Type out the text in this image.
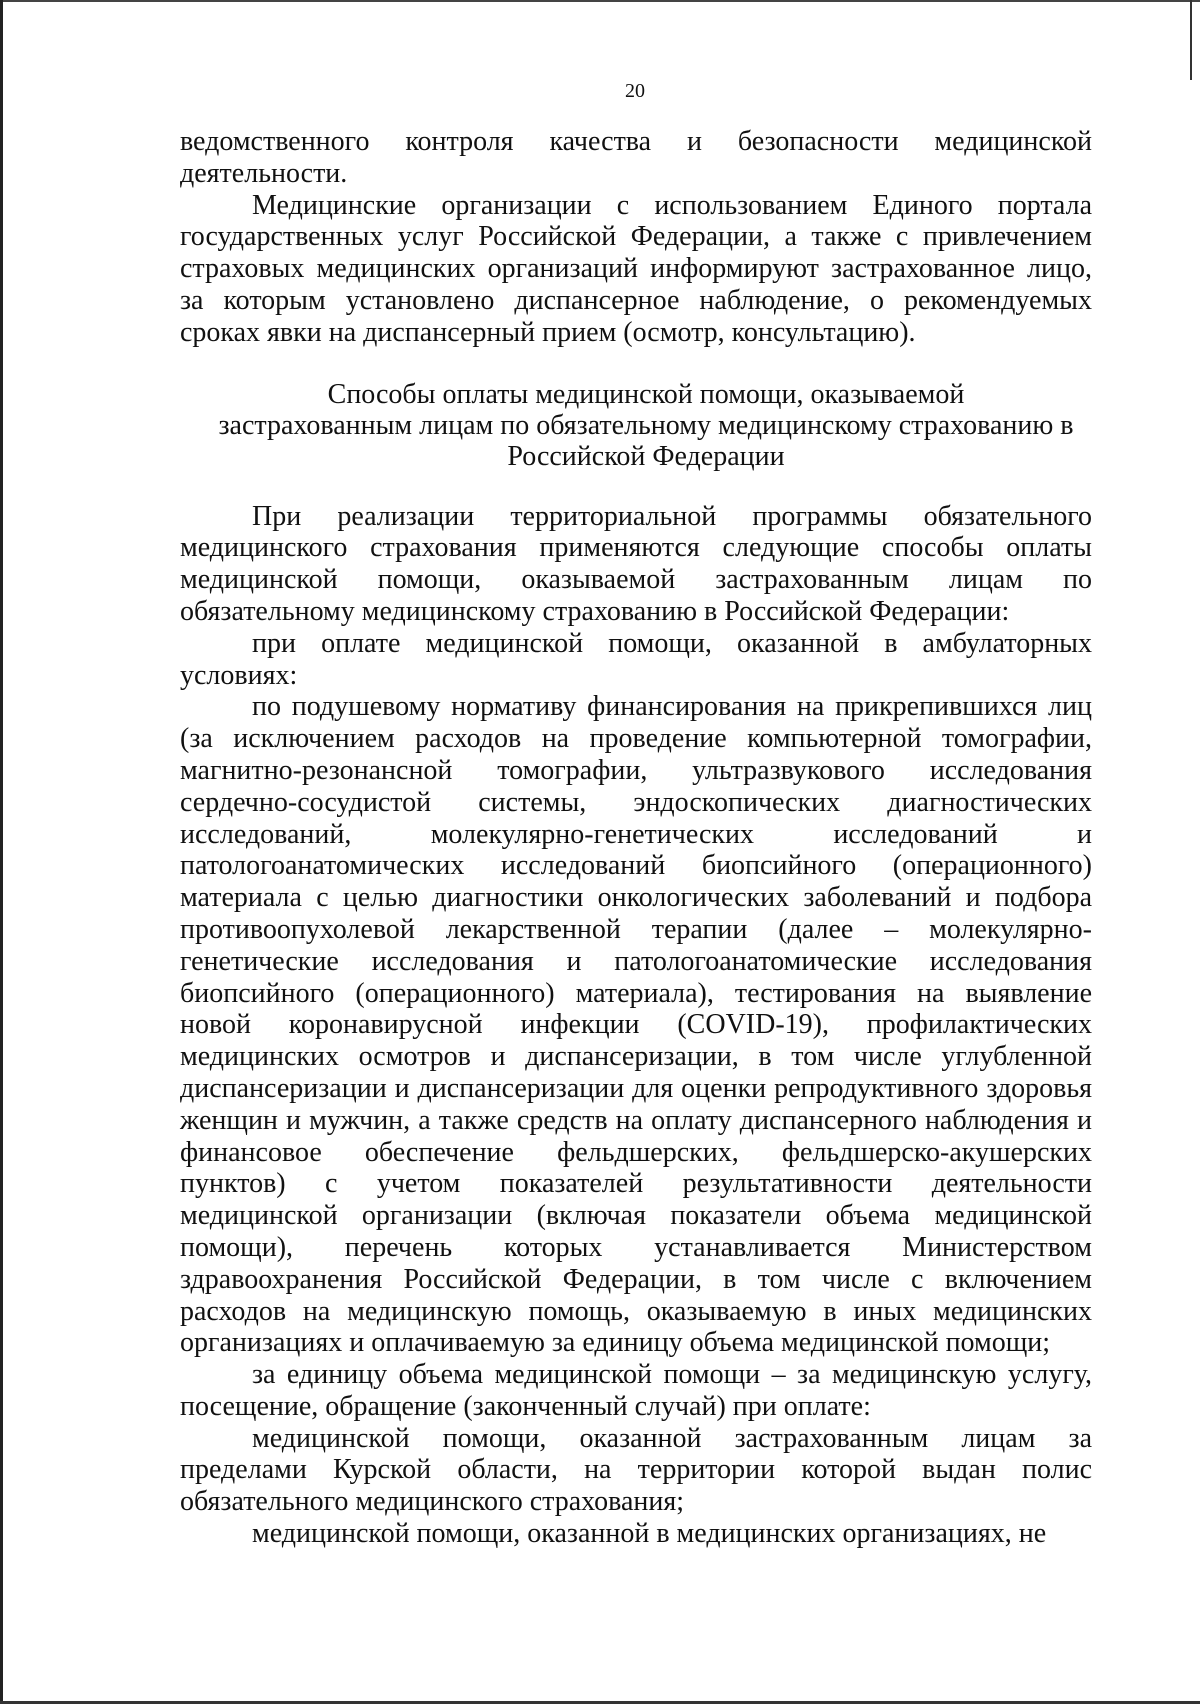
20

ведомственного контроля качества и безопасности медицинской деятельности.

Медицинские организации с использованием Единого портала государственных услуг Российской Федерации, а также с привлечением страховых медицинских организаций информируют застрахованное лицо, за которым установлено диспансерное наблюдение, о рекомендуемых сроках явки на диспансерный прием (осмотр, консультацию).

Способы оплаты медицинской помощи, оказываемой
застрахованным лицам по обязательному медицинскому страхованию в
Российской Федерации

При реализации территориальной программы обязательного медицинского страхования применяются следующие способы оплаты медицинской помощи, оказываемой застрахованным лицам по обязательному медицинскому страхованию в Российской Федерации:

при оплате медицинской помощи, оказанной в амбулаторных условиях:

по подушевому нормативу финансирования на прикрепившихся лиц (за исключением расходов на проведение компьютерной томографии, магнитно-резонансной томографии, ультразвукового исследования сердечно-сосудистой системы, эндоскопических диагностических исследований, молекулярно-генетических исследований и патологоанатомических исследований биопсийного (операционного) материала с целью диагностики онкологических заболеваний и подбора противоопухолевой лекарственной терапии (далее – молекулярно-генетические исследования и патологоанатомические исследования биопсийного (операционного) материала), тестирования на выявление новой коронавирусной инфекции (COVID-19), профилактических медицинских осмотров и диспансеризации, в том числе углубленной диспансеризации и диспансеризации для оценки репродуктивного здоровья женщин и мужчин, а также средств на оплату диспансерного наблюдения и финансовое обеспечение фельдшерских, фельдшерско-акушерских пунктов) с учетом показателей результативности деятельности медицинской организации (включая показатели объема медицинской помощи), перечень которых устанавливается Министерством здравоохранения Российской Федерации, в том числе с включением расходов на медицинскую помощь, оказываемую в иных медицинских организациях и оплачиваемую за единицу объема медицинской помощи;

за единицу объема медицинской помощи – за медицинскую услугу, посещение, обращение (законченный случай) при оплате:

медицинской помощи, оказанной застрахованным лицам за пределами Курской области, на территории которой выдан полис обязательного медицинского страхования;

медицинской помощи, оказанной в медицинских организациях, не
